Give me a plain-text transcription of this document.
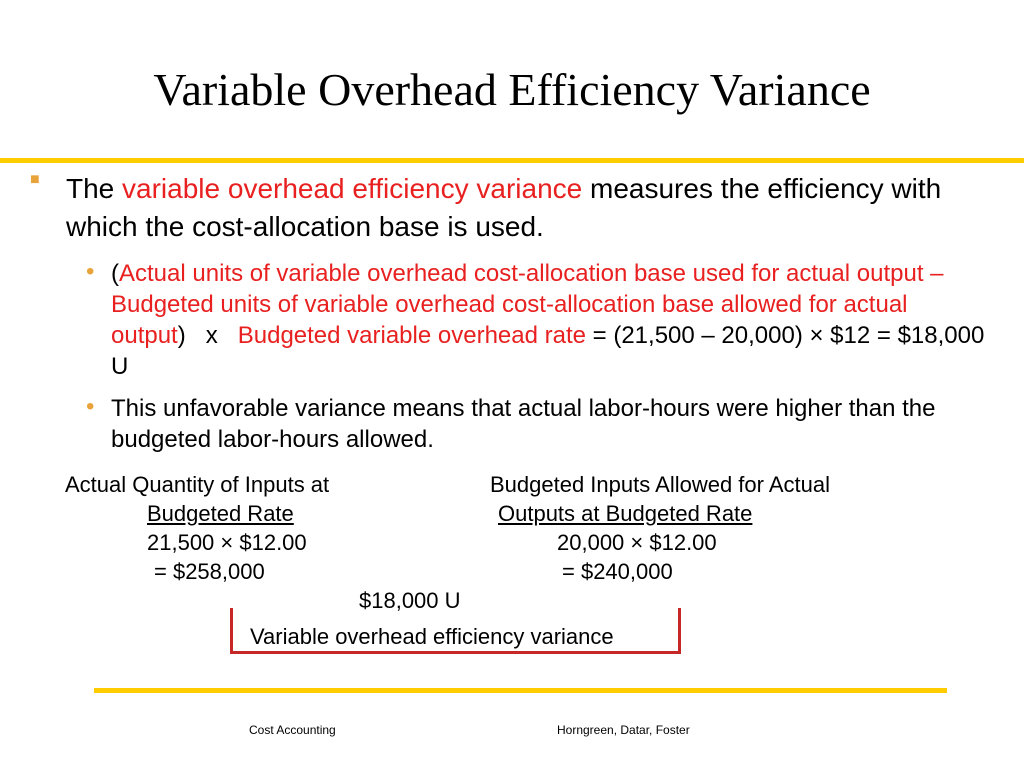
Variable Overhead Efficiency Variance
■ The variable overhead efficiency variance measures the efficiency with which the cost-allocation base is used.
• (Actual units of variable overhead cost-allocation base used for actual output – Budgeted units of variable overhead cost-allocation base allowed for actual output)   x   Budgeted variable overhead rate = (21,500 – 20,000) × $12 = $18,000 U
• This unfavorable variance means that actual labor-hours were higher than the budgeted labor-hours allowed.
Actual Quantity of Inputs at
Budgeted Rate
21,500 × $12.00
= $258,000
Budgeted Inputs Allowed for Actual
Outputs at Budgeted Rate
20,000 × $12.00
= $240,000
$18,000 U
Variable overhead efficiency variance
Cost Accounting	Horngreen, Datar, Foster
